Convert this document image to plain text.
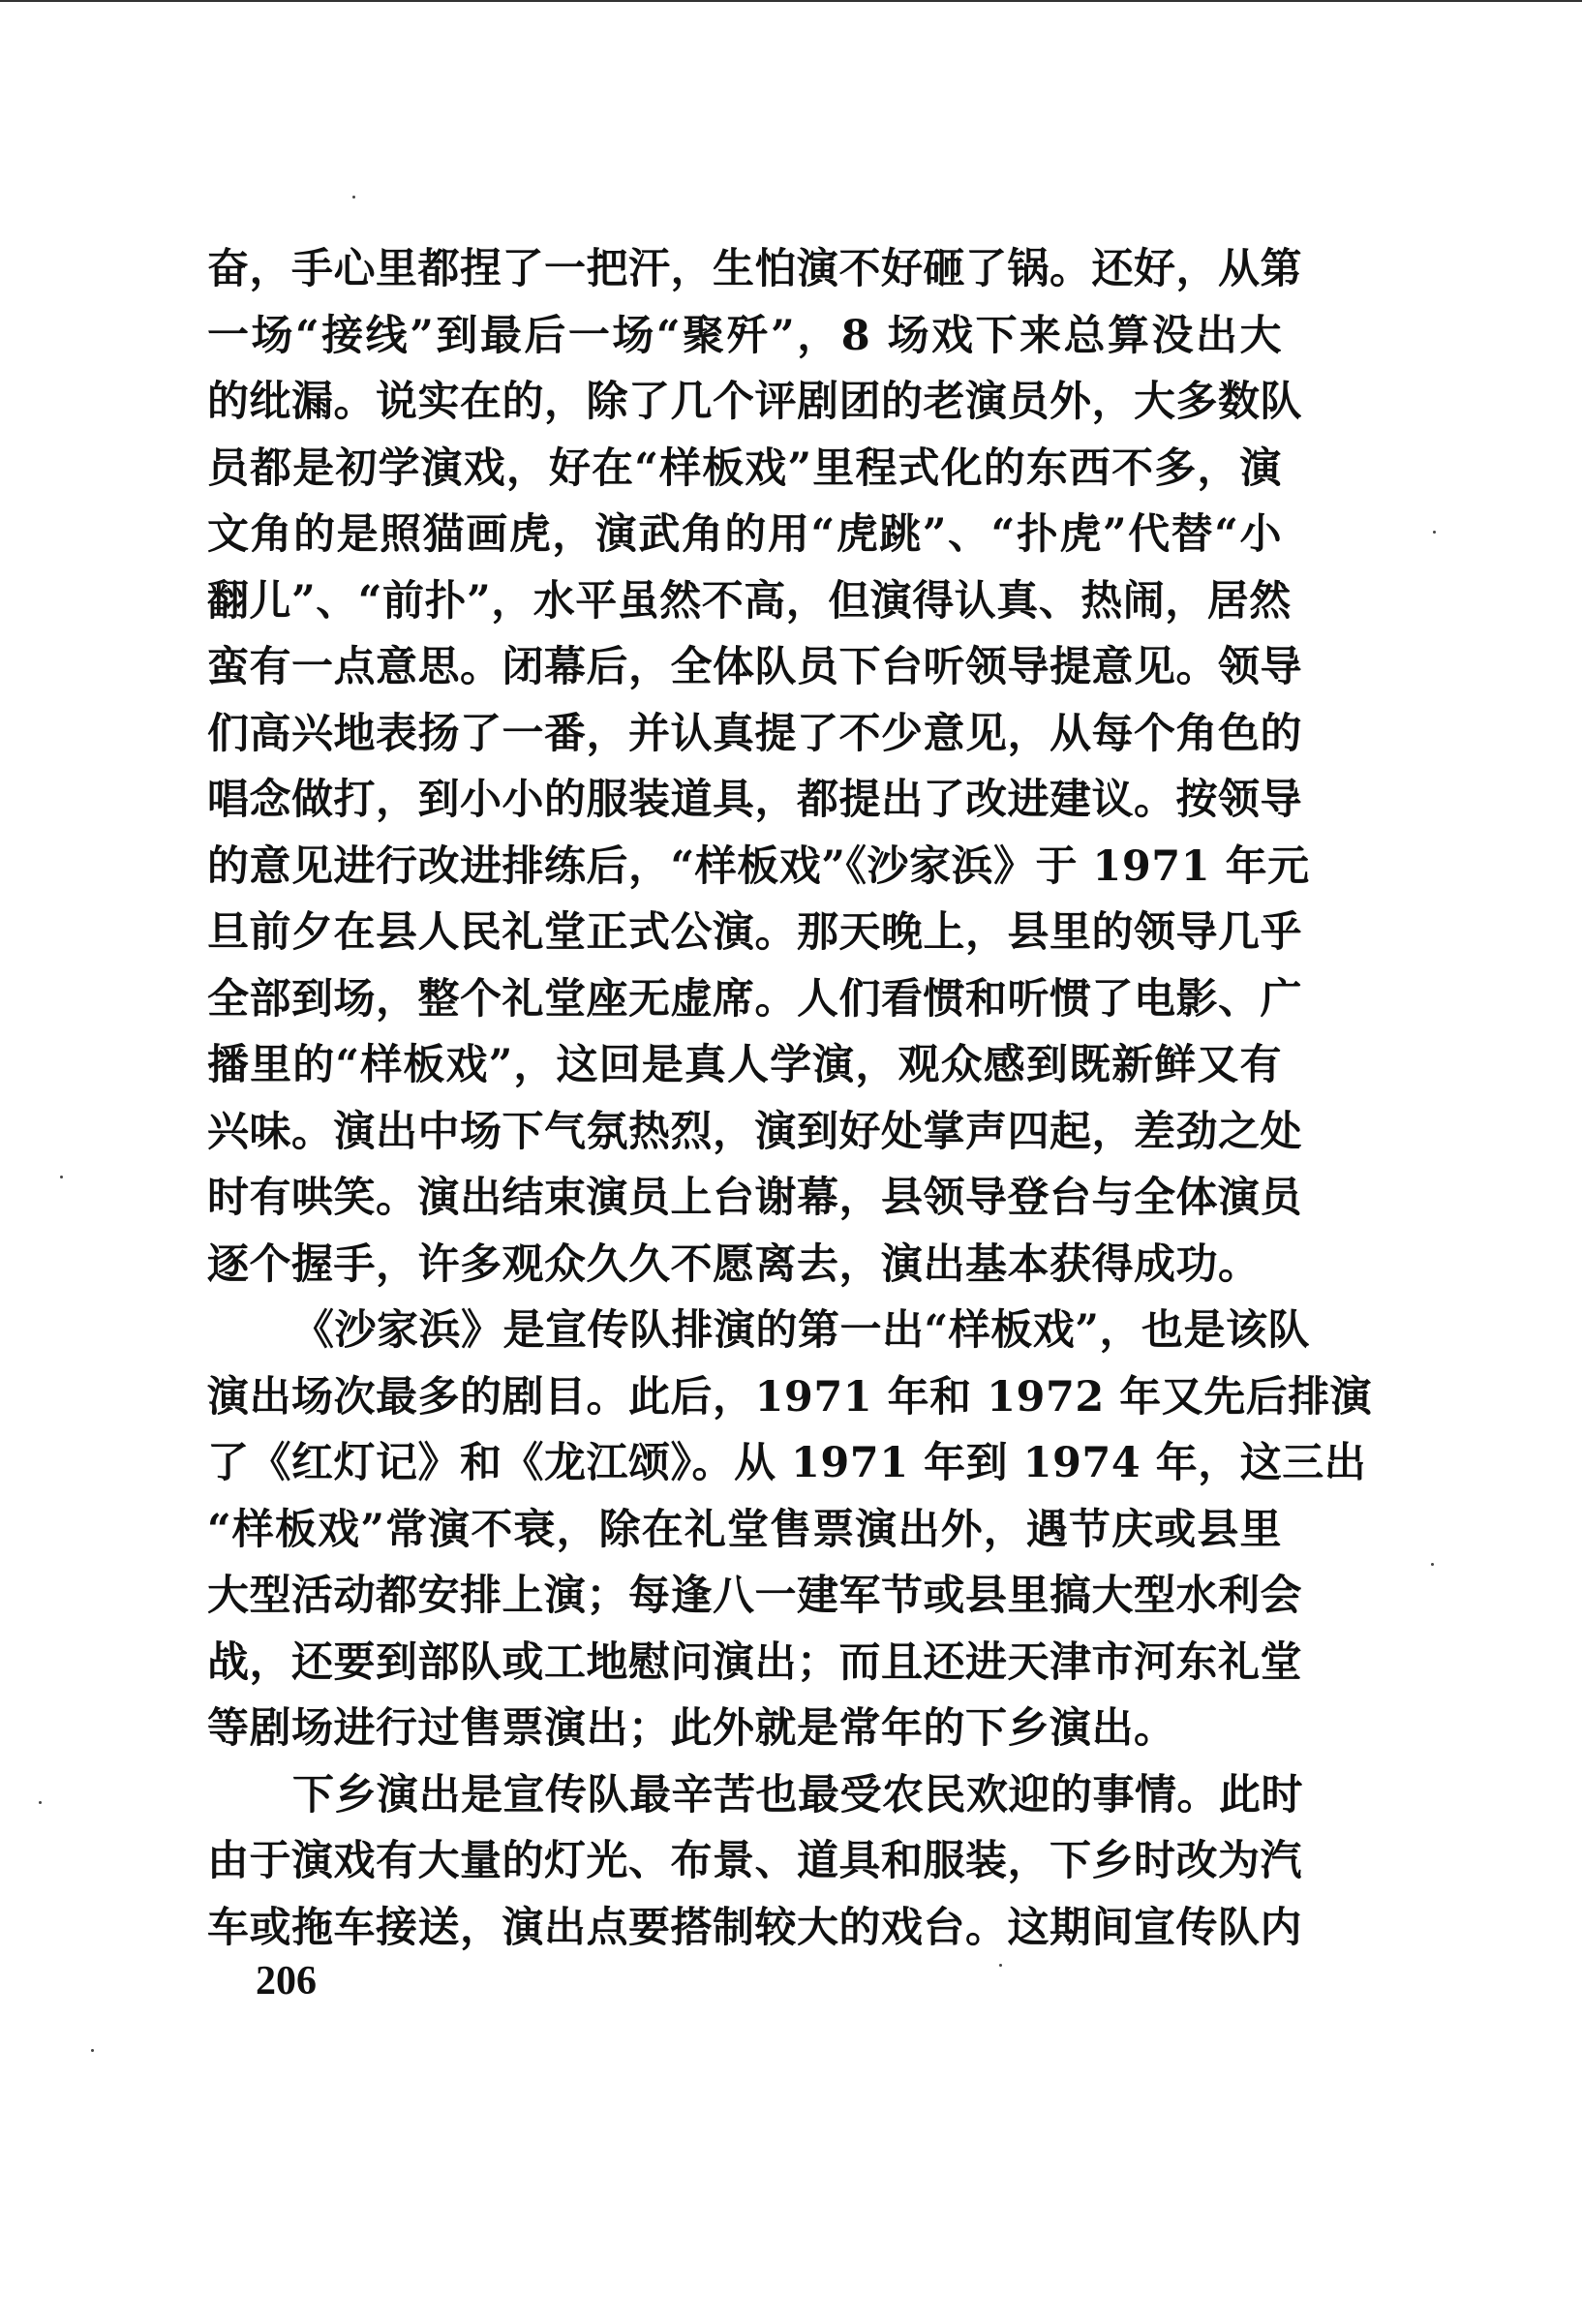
奋，手心里都捏了一把汗，生怕演不好砸了锅。还好，从第
一场“接线”到最后一场“聚歼”，8 场戏下来总算没出大
的纰漏。说实在的，除了几个评剧团的老演员外，大多数队
员都是初学演戏，好在“样板戏”里程式化的东西不多，演
文角的是照猫画虎，演武角的用“虎跳”、“扑虎”代替“小
翻儿”、“前扑”，水平虽然不高，但演得认真、热闹，居然
蛮有一点意思。闭幕后，全体队员下台听领导提意见。领导
们高兴地表扬了一番，并认真提了不少意见，从每个角色的
唱念做打，到小小的服装道具，都提出了改进建议。按领导
的意见进行改进排练后，“样板戏”《沙家浜》于 1971 年元
旦前夕在县人民礼堂正式公演。那天晚上，县里的领导几乎
全部到场，整个礼堂座无虚席。人们看惯和听惯了电影、广
播里的“样板戏”，这回是真人学演，观众感到既新鲜又有
兴味。演出中场下气氛热烈，演到好处掌声四起，差劲之处
时有哄笑。演出结束演员上台谢幕，县领导登台与全体演员
逐个握手，许多观众久久不愿离去，演出基本获得成功。
《沙家浜》是宣传队排演的第一出“样板戏”，也是该队
演出场次最多的剧目。此后，1971 年和 1972 年又先后排演
了《红灯记》和《龙江颂》。从 1971 年到 1974 年，这三出
“样板戏”常演不衰，除在礼堂售票演出外，遇节庆或县里
大型活动都安排上演；每逢八一建军节或县里搞大型水利会
战，还要到部队或工地慰问演出；而且还进天津市河东礼堂
等剧场进行过售票演出；此外就是常年的下乡演出。
下乡演出是宣传队最辛苦也最受农民欢迎的事情。此时
由于演戏有大量的灯光、布景、道具和服装，下乡时改为汽
车或拖车接送，演出点要搭制较大的戏台。这期间宣传队内
206
